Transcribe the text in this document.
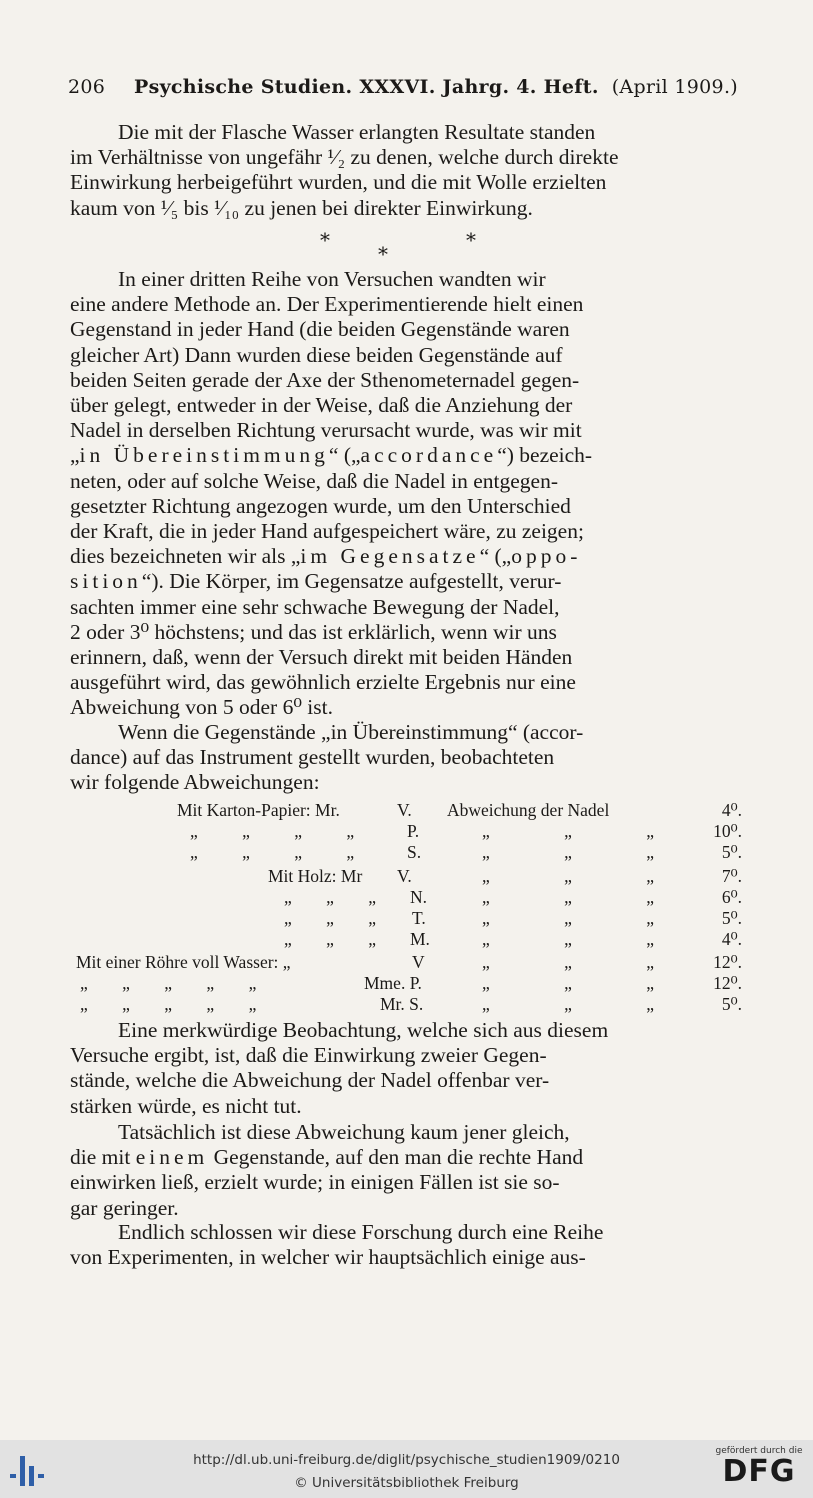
206 Psychische Studien. XXXVI. Jahrg. 4. Heft. (April 1909.)

Die mit der Flasche Wasser erlangten Resultate standen

im Verhältnisse von ungefähr ¹⁄₂ zu denen, welche durch direkte

Einwirkung herbeigeführt wurden, und die mit Wolle erzielten

kaum von ¹⁄₅ bis ¹⁄₁₀ zu jenen bei direkter Einwirkung.

*
*
*

In einer dritten Reihe von Versuchen wandten wir

eine andere Methode an. Der Experimentierende hielt einen

Gegenstand in jeder Hand (die beiden Gegenstände waren

gleicher Art) Dann wurden diese beiden Gegenstände auf

beiden Seiten gerade der Axe der Sthenometernadel gegen-

über gelegt, entweder in der Weise, daß die Anziehung der

Nadel in derselben Richtung verursacht wurde, was wir mit

„in Übereinstimmung“ („accordance“) bezeich-

neten, oder auf solche Weise, daß die Nadel in entgegen-

gesetzter Richtung angezogen wurde, um den Unterschied

der Kraft, die in jeder Hand aufgespeichert wäre, zu zeigen;

dies bezeichneten wir als „im Gegensatze“ („oppo-

sition“). Die Körper, im Gegensatze aufgestellt, verur-

sachten immer eine sehr schwache Bewegung der Nadel,

2 oder 3⁰ höchstens; und das ist erklärlich, wenn wir uns

erinnern, daß, wenn der Versuch direkt mit beiden Händen

ausgeführt wird, das gewöhnlich erzielte Ergebnis nur eine

Abweichung von 5 oder 6⁰ ist.

Wenn die Gegenstände „in Übereinstimmung“ (accor-

dance) auf das Instrument gestellt wurden, beobachteten

wir folgende Abweichungen:

Mit Karton-Papier: Mr.	V. Abweichung der Nadel	4⁰.
„ „ „ „	P.	„ „ „	10⁰.
„ „ „ „	S.	„ „ „	5⁰.
Mit Holz: Mr V.	„ „ „	7⁰.
„ „ „ N.	„ „ „	6⁰.
„ „ „ T.	„ „ „	5⁰.
„ „ „ M.	„ „ „	4⁰.
Mit einer Röhre voll Wasser: „	V	„ „ „	12⁰.
„ „ „ „ „	Mme. P.	„ „ „	12⁰.
„ „ „ „ „	Mr. S.	„ „ „	5⁰.

Eine merkwürdige Beobachtung, welche sich aus diesem

Versuche ergibt, ist, daß die Einwirkung zweier Gegen-

stände, welche die Abweichung der Nadel offenbar ver-

stärken würde, es nicht tut.

Tatsächlich ist diese Abweichung kaum jener gleich,

die mit einem Gegenstande, auf den man die rechte Hand

einwirken ließ, erzielt wurde; in einigen Fällen ist sie so-

gar geringer.

Endlich schlossen wir diese Forschung durch eine Reihe

von Experimenten, in welcher wir hauptsächlich einige aus-

http://dl.ub.uni-freiburg.de/diglit/psychische_studien1909/0210
© Universitätsbibliothek Freiburg
gefördert durch die
DFG
